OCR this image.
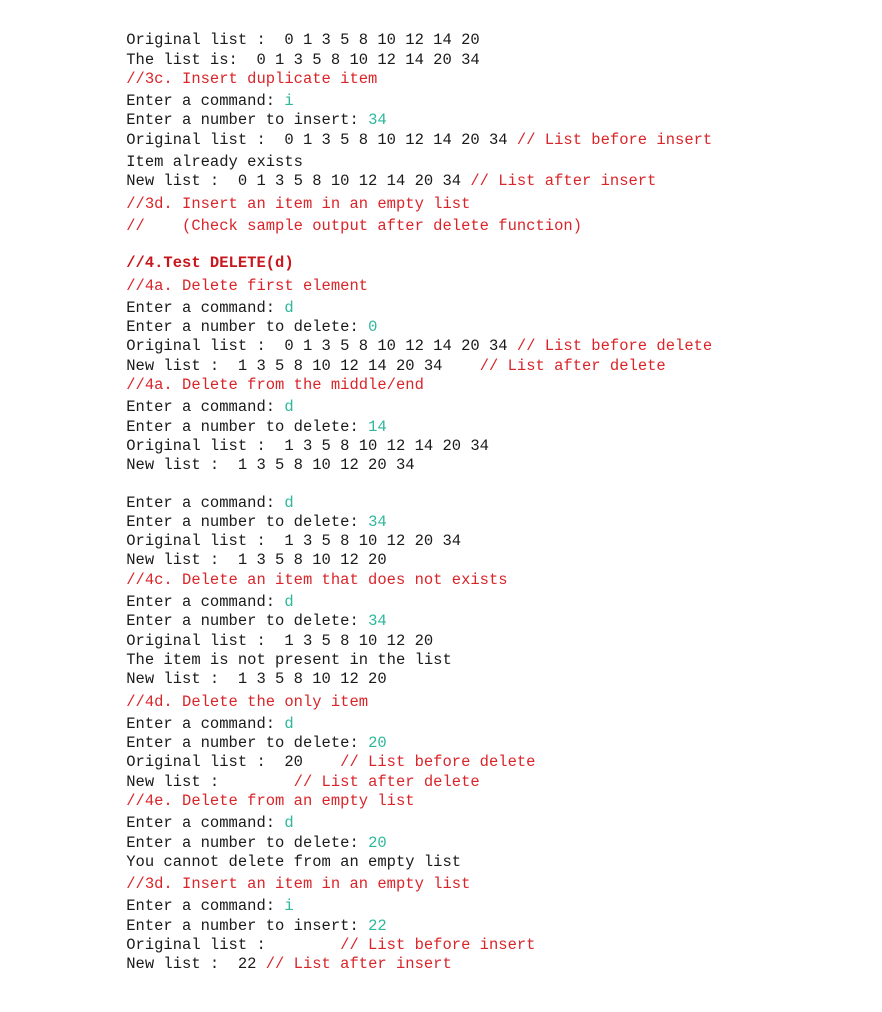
Original list :  0 1 3 5 8 10 12 14 20

The list is:  0 1 3 5 8 10 12 14 20 34

//3c. Insert duplicate item

Enter a command: i

Enter a number to insert: 34

Original list :  0 1 3 5 8 10 12 14 20 34 // List before insert

Item already exists

New list :  0 1 3 5 8 10 12 14 20 34 // List after insert

//3d. Insert an item in an empty list

//    (Check sample output after delete function)

//4.Test DELETE(d)

//4a. Delete first element

Enter a command: d

Enter a number to delete: 0

Original list :  0 1 3 5 8 10 12 14 20 34 // List before delete

New list :  1 3 5 8 10 12 14 20 34    // List after delete

//4a. Delete from the middle/end

Enter a command: d

Enter a number to delete: 14

Original list :  1 3 5 8 10 12 14 20 34

New list :  1 3 5 8 10 12 20 34

Enter a command: d

Enter a number to delete: 34

Original list :  1 3 5 8 10 12 20 34

New list :  1 3 5 8 10 12 20

//4c. Delete an item that does not exists

Enter a command: d

Enter a number to delete: 34

Original list :  1 3 5 8 10 12 20

The item is not present in the list

New list :  1 3 5 8 10 12 20

//4d. Delete the only item

Enter a command: d

Enter a number to delete: 20

Original list :  20    // List before delete

New list :        // List after delete

//4e. Delete from an empty list

Enter a command: d

Enter a number to delete: 20

You cannot delete from an empty list

//3d. Insert an item in an empty list

Enter a command: i

Enter a number to insert: 22

Original list :        // List before insert

New list :  22 // List after insert
